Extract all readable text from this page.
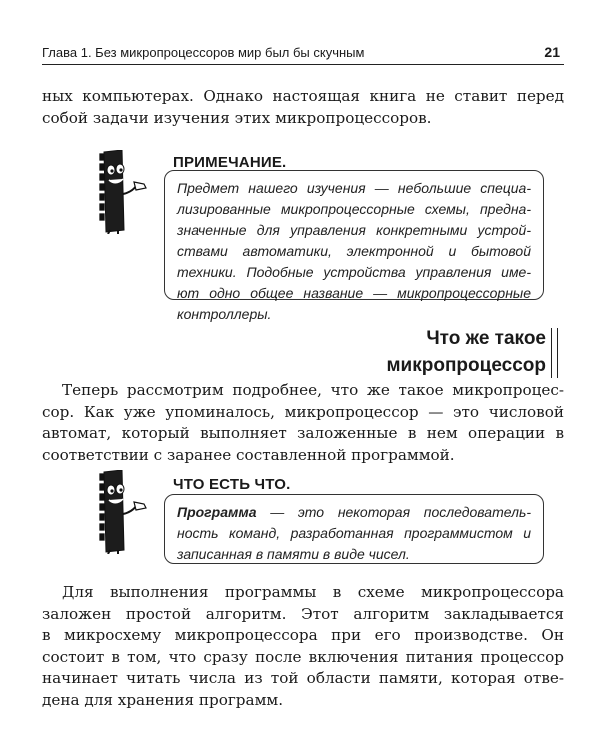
Глава 1. Без микропроцессоров мир был бы скучным	21
ных компьютерах. Однако настоящая книга не ставит перед
собой задачи изучения этих микропроцессоров.
ПРИМЕЧАНИЕ.
Предмет нашего изучения — небольшие специа-
лизированные микропроцессорные схемы, предна-
значенные для управления конкретными устрой-
ствами автоматики, электронной и бытовой
техники. Подобные устройства управления име-
ют одно общее название — микропроцессорные
контроллеры.
Что же такое
микропроцессор
Теперь рассмотрим подробнее, что же такое микропроцес-
сор. Как уже упоминалось, микропроцессор — это числовой
автомат, который выполняет заложенные в нем операции в
соответствии с заранее составленной программой.
ЧТО ЕСТЬ ЧТО.
Программа — это некоторая последователь-
ность команд, разработанная программистом и
записанная в памяти в виде чисел.
Для выполнения программы в схеме микропроцессора
заложен простой алгоритм. Этот алгоритм закладывается
в микросхему микропроцессора при его производстве. Он
состоит в том, что сразу после включения питания процессор
начинает читать числа из той области памяти, которая отве-
дена для хранения программ.
